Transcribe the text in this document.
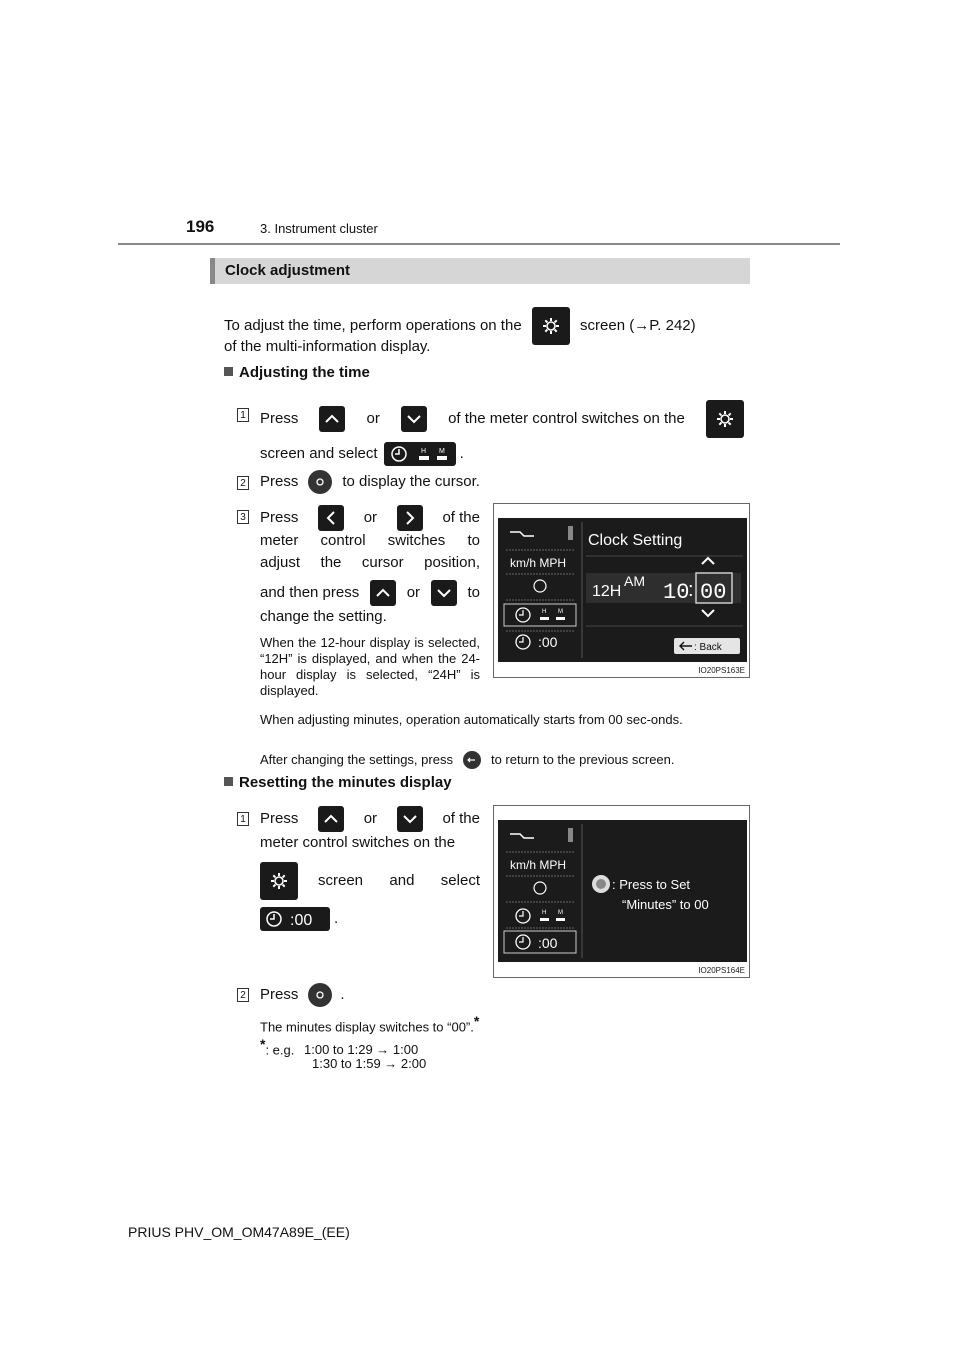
196	3. Instrument cluster
Clock adjustment
To adjust the time, perform operations on the	screen (→P. 242)
of the multi-information display.
Adjusting the time
1 Press	or	of the meter control switches on the
screen and select	H M .
2 Press	to display the cursor.
3 Press	or	of the
meter control switches to
adjust the cursor position,
and then press	or	to
change the setting.
When the 12-hour display is selected, “12H” is displayed, and when the 24-hour display is selected, “24H” is displayed.
km/h MPH
H M
:00
Clock Setting
12H
AM 10
: 00
: Back
IO20PS163E
When adjusting minutes, operation automatically starts from 00 sec-onds.
After changing the settings, press	to return to the previous screen.
Resetting the minutes display
1 Press	or	of the
meter control switches on the
screen and select
:00 .
km/h MPH
H M
:00
: Press to Set
“Minutes” to 00
IO20PS164E
2 Press	.
The minutes display switches to “00”.*
*: e.g. 1:00 to 1:29 → 1:00
1:30 to 1:59 → 2:00
PRIUS PHV_OM_OM47A89E_(EE)
